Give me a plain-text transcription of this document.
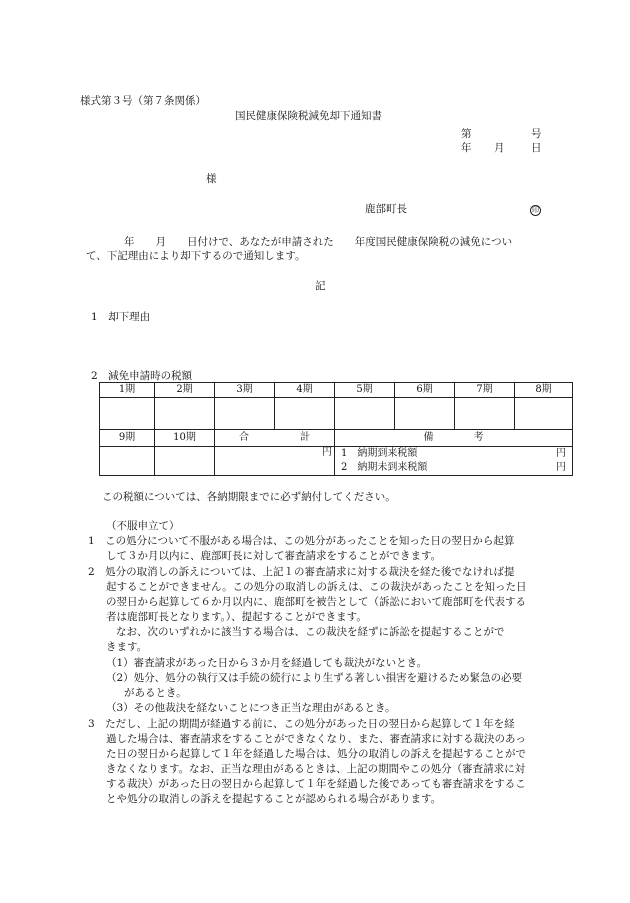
様式第３号（第７条関係）
国民健康保険税減免却下通知書
第	号
年 月	日
様
鹿部町長	印
年　　月　　日付けで、あなたが申請された　　年度国民健康保険税の減免につい
て、下記理由により却下するので通知します。
記
1　却下理由
2　減免申請時の税額
1期	2期	3期	4期	5期	6期	7期	8期

9期	10期	合 計		備 考			

		円		1　納期到来税額 円			

				2　納期未到来税額 円			
この税額については、各納期限までに必ず納付してください。
（不服申立て）
1　この処分について不服がある場合は、この処分があったことを知った日の翌日から起算
して３か月以内に、鹿部町長に対して審査請求をすることができます。
2　処分の取消しの訴えについては、上記１の審査請求に対する裁決を経た後でなければ提
起することができません。この処分の取消しの訴えは、この裁決があったことを知った日
の翌日から起算して６か月以内に、鹿部町を被告として（訴訟において鹿部町を代表する
者は鹿部町長となります。）、提起することができます。
なお、次のいずれかに該当する場合は、この裁決を経ずに訴訟を提起することがで
きます。
（1）審査請求があった日から３か月を経過しても裁決がないとき。
（2）処分、処分の執行又は手続の続行により生ずる著しい損害を避けるため緊急の必要
があるとき。
（3）その他裁決を経ないことにつき正当な理由があるとき。
3　ただし、上記の期間が経過する前に、この処分があった日の翌日から起算して１年を経
過した場合は、審査請求をすることができなくなり、また、審査請求に対する裁決のあっ
た日の翌日から起算して１年を経過した場合は、処分の取消しの訴えを提起することがで
きなくなります。なお、正当な理由があるときは、上記の期間やこの処分（審査請求に対
する裁決）があった日の翌日から起算して１年を経過した後であっても審査請求をするこ
とや処分の取消しの訴えを提起することが認められる場合があります。
